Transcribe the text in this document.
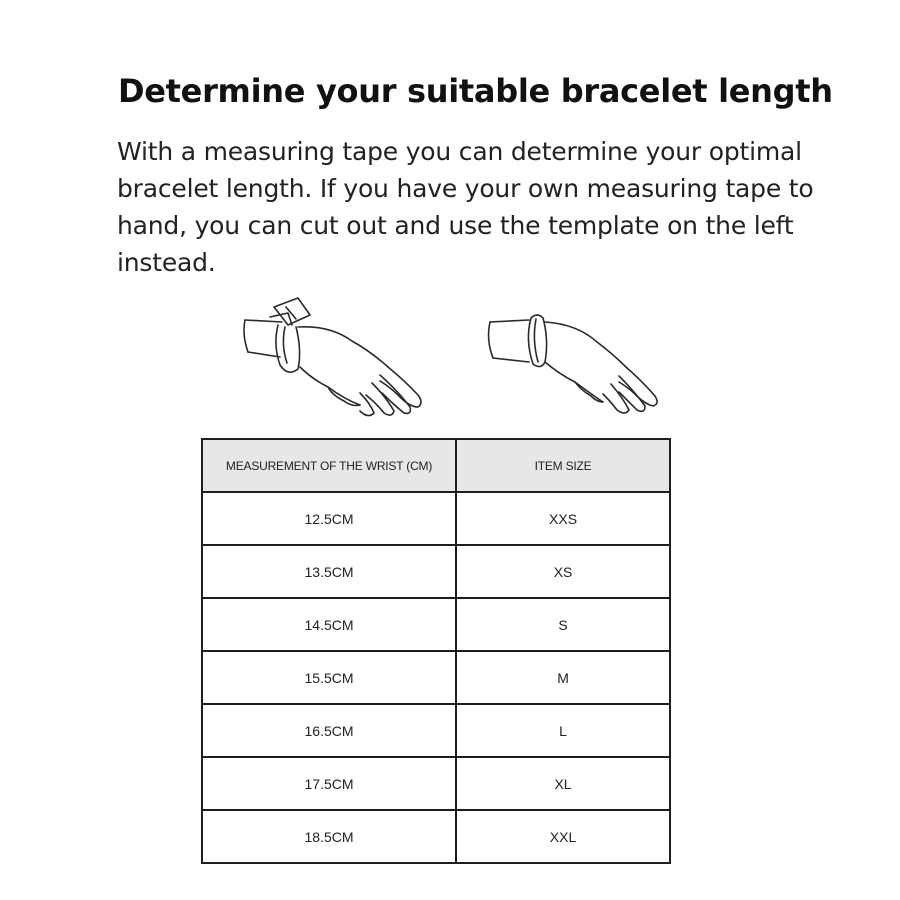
Determine your suitable bracelet length

With a measuring tape you can determine your optimal bracelet length. If you have your own measuring tape to hand, you can cut out and use the template on the left instead.

MEASUREMENT OF THE WRIST (CM)	ITEM SIZE
12.5CM	XXS
13.5CM	XS
14.5CM	S
15.5CM	M
16.5CM	L
17.5CM	XL
18.5CM	XXL
